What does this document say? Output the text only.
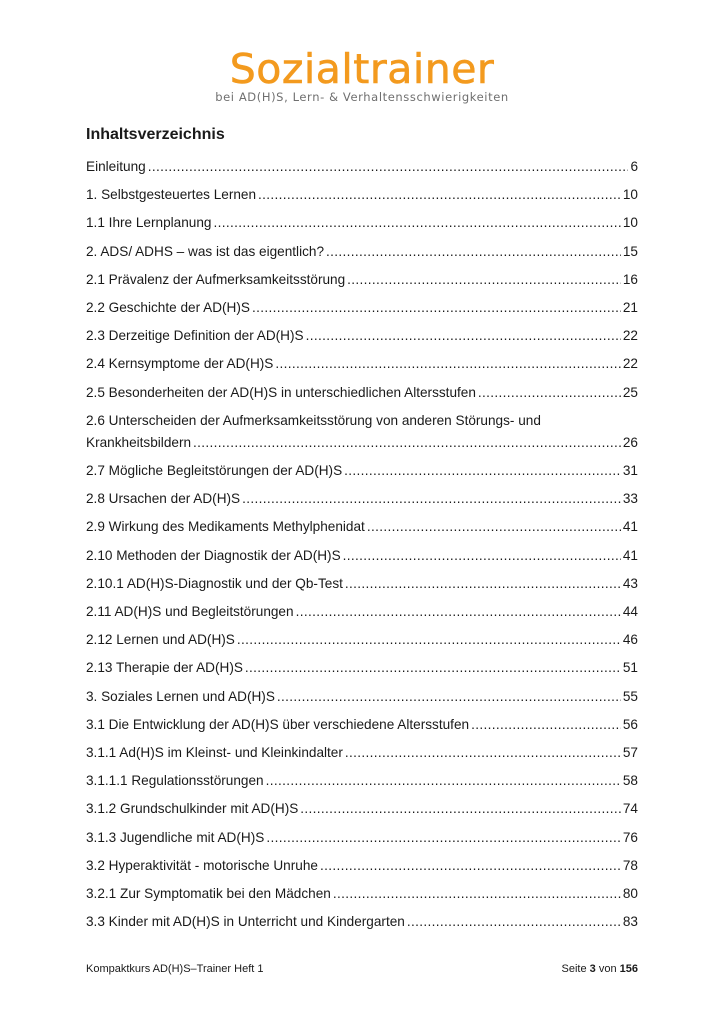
Sozialtrainer
bei AD(H)S, Lern- & Verhaltensschwierigkeiten
Inhaltsverzeichnis
Einleitung .....	6
1. Selbstgesteuertes Lernen .....	10
1.1 Ihre Lernplanung .....	10
2. ADS/ ADHS – was ist das eigentlich? .....	15
2.1 Prävalenz der Aufmerksamkeitsstörung .....	16
2.2 Geschichte der AD(H)S .....	21
2.3 Derzeitige Definition der AD(H)S .....	22
2.4 Kernsymptome der AD(H)S .....	22
2.5 Besonderheiten der AD(H)S in unterschiedlichen Altersstufen .....	25
2.6 Unterscheiden der Aufmerksamkeitsstörung von anderen Störungs- und
Krankheitsbildern .....	26
2.7 Mögliche Begleitstörungen der AD(H)S .....	31
2.8 Ursachen der AD(H)S .....	33
2.9 Wirkung des Medikaments Methylphenidat .....	41
2.10 Methoden der Diagnostik der AD(H)S .....	41
2.10.1 AD(H)S-Diagnostik und der Qb-Test .....	43
2.11 AD(H)S und Begleitstörungen .....	44
2.12 Lernen und AD(H)S .....	46
2.13 Therapie der AD(H)S .....	51
3. Soziales Lernen und AD(H)S .....	55
3.1 Die Entwicklung der AD(H)S über verschiedene Altersstufen .....	56
3.1.1 Ad(H)S im Kleinst- und Kleinkindalter .....	57
3.1.1.1 Regulationsstörungen .....	58
3.1.2 Grundschulkinder mit AD(H)S .....	74
3.1.3 Jugendliche mit AD(H)S .....	76
3.2 Hyperaktivität - motorische Unruhe .....	78
3.2.1 Zur Symptomatik bei den Mädchen .....	80
3.3 Kinder mit AD(H)S in Unterricht und Kindergarten .....	83
Kompaktkurs AD(H)S–Trainer Heft 1	Seite 3 von 156
